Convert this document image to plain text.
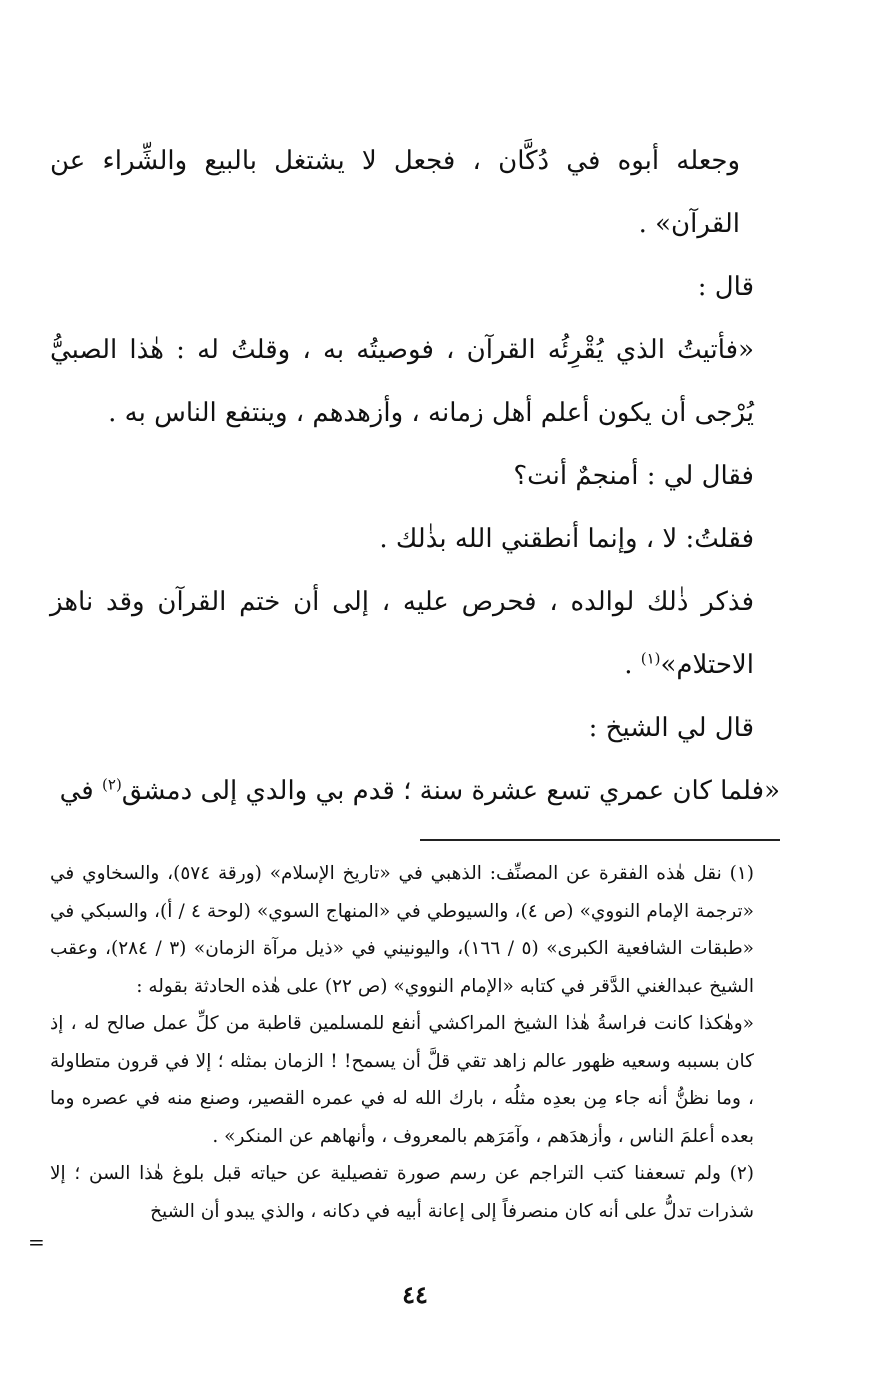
وجعله أبوه في دُكَّان ، فجعل لا يشتغل بالبيع والشِّراء عن القرآن» .

قال :

«فأتيتُ الذي يُقْرِئُه القرآن ، فوصيتُه به ، وقلتُ له : هٰذا الصبيُّ يُرْجى أن يكون أعلم أهل زمانه ، وأزهدهم ، وينتفع الناس به .

فقال لي : أمنجمٌ أنت؟

فقلتُ: لا ، وإنما أنطقني الله بذٰلك .

فذكر ذٰلك لوالده ، فحرص عليه ، إلى أن ختم القرآن وقد ناهز الاحتلام»$^{(١)}$ .

قال لي الشيخ :

«فلما كان عمري تسع عشرة سنة ؛ قدم بي والدي إلى دمشق$^{(٢)}$ في

(١) نقل هٰذه الفقرة عن المصنِّف: الذهبي في «تاريخ الإسلام» (ورقة ٥٧٤)، والسخاوي في «ترجمة الإمام النووي» (ص ٤)، والسيوطي في «المنهاج السوي» (لوحة ٤ / أ)، والسبكي في «طبقات الشافعية الكبرى» (٥ / ١٦٦)، واليونيني في «ذيل مرآة الزمان» (٣ / ٢٨٤)، وعقب الشيخ عبدالغني الدَّقر في كتابه «الإمام النووي» (ص ٢٢) على هٰذه الحادثة بقوله :

«وهٰكذا كانت فراسةُ هٰذا الشيخ المراكشي أنفع للمسلمين قاطبة من كلِّ عمل صالح له ، إذ كان بسببه وسعيه ظهور عالم زاهد تقي قلَّ أن يسمح! ! الزمان بمثله ؛ إلا في قرون متطاولة ، وما نظنُّ أنه جاء مِن بعدِه مثلُه ، بارك الله له في عمره القصير، وصنع منه في عصره وما بعده أعلمَ الناس ، وأزهدَهم ، وآمَرَهم بالمعروف ، وأنهاهم عن المنكر» .

(٢) ولم تسعفنا كتب التراجم عن رسم صورة تفصيلية عن حياته قبل بلوغ هٰذا السن ؛ إلا شذرات تدلُّ على أنه كان منصرفاً إلى إعانة أبيه في دكانه ، والذي يبدو أن الشيخ

=
٤٤
